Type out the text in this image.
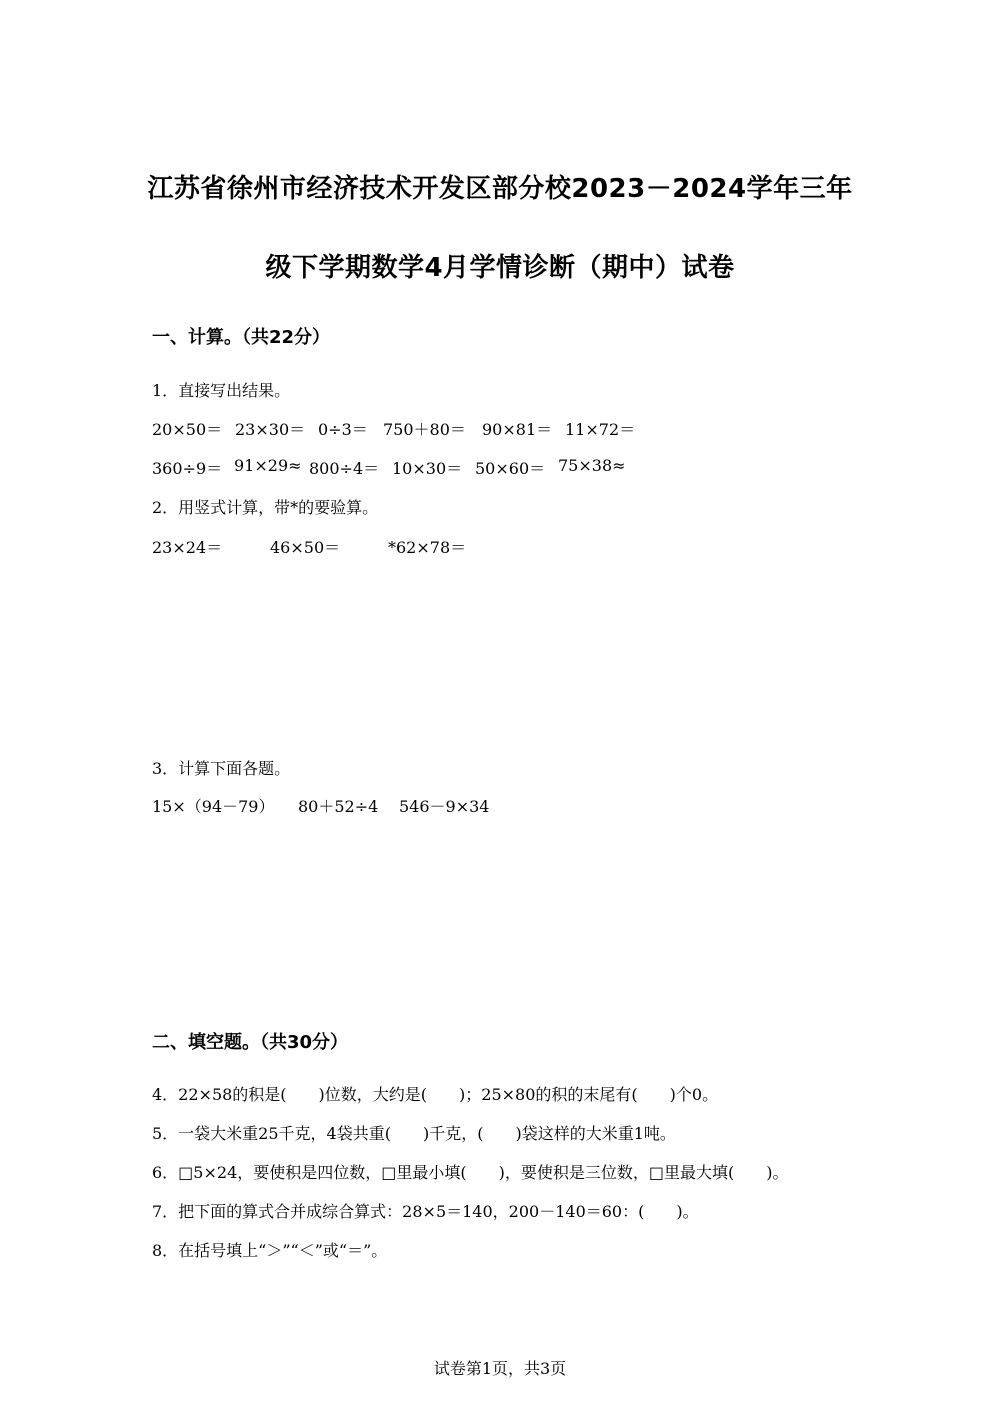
江苏省徐州市经济技术开发区部分校2023－2024学年三年
级下学期数学4月学情诊断（期中）试卷
一、计算。（共22分）
1．直接写出结果。
20×50＝ 23×30＝ 0÷3＝ 750＋80＝	90×81＝ 11×72＝
360÷9＝ 91×29≈ 800÷4＝ 10×30＝ 50×60＝ 75×38≈
2．用竖式计算，带*的要验算。
23×24＝	46×50＝	*62×78＝
3．计算下面各题。
15×（94－79）	80＋52÷4	546－9×34
二、填空题。（共30分）
4．22×58的积是(　　)位数，大约是(　　)；25×80的积的末尾有(　　)个0。
5．一袋大米重25千克，4袋共重(　　)千克，(　　)袋这样的大米重1吨。
6．□5×24，要使积是四位数，□里最小填(　　)，要使积是三位数，□里最大填(　　)。
7．把下面的算式合并成综合算式：28×5＝140，200－140＝60：(　　)。
8．在括号填上“＞”“＜”或“＝”。
试卷第1页，共3页
